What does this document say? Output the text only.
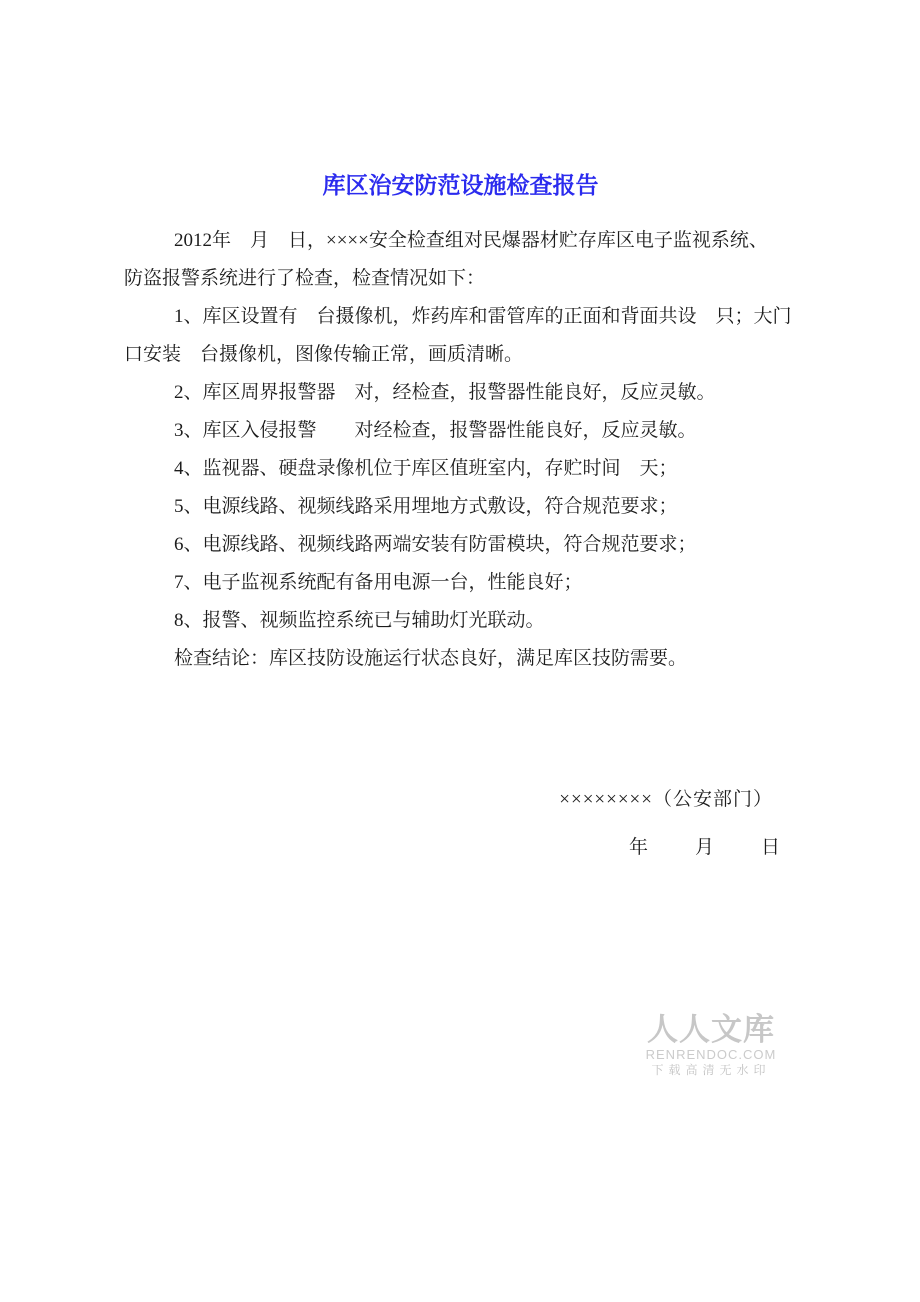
库区治安防范设施检查报告
2012年　月　日，××××安全检查组对民爆器材贮存库区电子监视系统、
防盗报警系统进行了检查，检查情况如下：
1、库区设置有　台摄像机，炸药库和雷管库的正面和背面共设　只；大门
口安装　台摄像机，图像传输正常，画质清晰。
2、库区周界报警器　对，经检查，报警器性能良好，反应灵敏。
3、库区入侵报警　　对经检查，报警器性能良好，反应灵敏。
4、监视器、硬盘录像机位于库区值班室内，存贮时间　天；
5、电源线路、视频线路采用埋地方式敷设，符合规范要求；
6、电源线路、视频线路两端安装有防雷模块，符合规范要求；
7、电子监视系统配有备用电源一台，性能良好；
8、报警、视频监控系统已与辅助灯光联动。
检查结论：库区技防设施运行状态良好，满足库区技防需要。
××××××××（公安部门）
年　　月　　日
人人文库
RENRENDOC.COM
下载高清无水印
